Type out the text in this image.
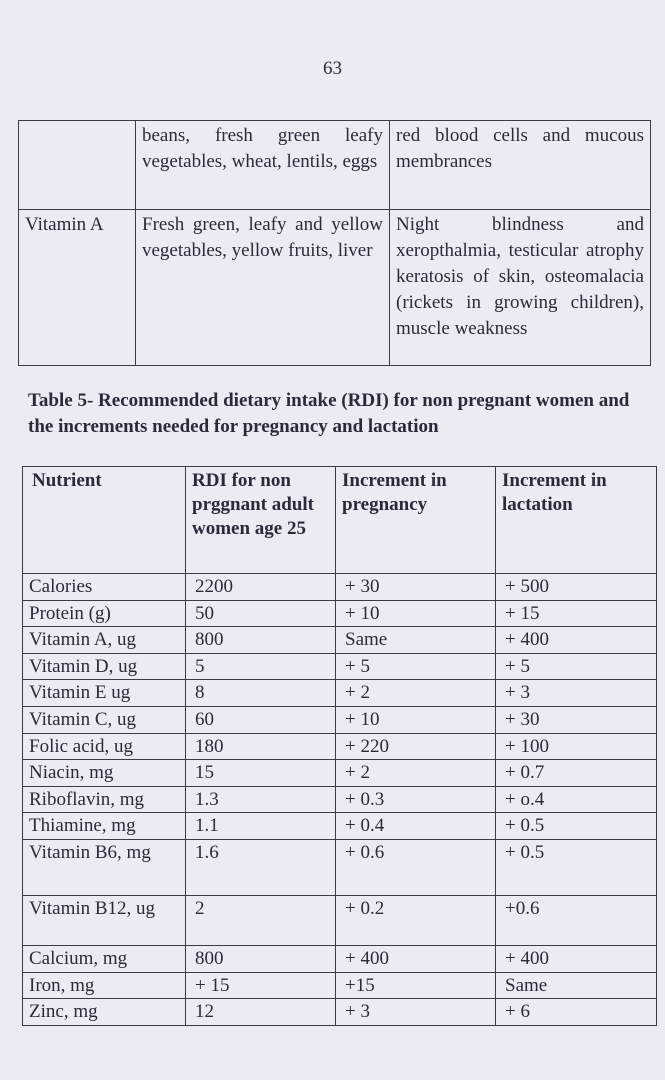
63
	beans, fresh green leafy vegetables, wheat, lentils, eggs	red blood cells and mucous membrances
Vitamin A	Fresh green, leafy and yellow vegetables, yellow fruits, liver	Night blindness and xeropthalmia, testicular atrophy keratosis of skin, osteomalacia (rickets in growing children), muscle weakness
Table 5- Recommended dietary intake (RDI) for non pregnant women and the increments needed for pregnancy and lactation
Nutrient	RDI for non prggnant adult women age 25	Increment in pregnancy	Increment in lactation
Calories	2200	+ 30	+ 500
Protein (g)	50	+ 10	+ 15
Vitamin A, ug	800	Same	+ 400
Vitamin D, ug	5	+ 5	+ 5
Vitamin E ug	8	+ 2	+ 3
Vitamin C, ug	60	+ 10	+ 30
Folic acid, ug	180	+ 220	+ 100
Niacin, mg	15	+ 2	+ 0.7
Riboflavin, mg	1.3	+ 0.3	+ o.4
Thiamine, mg	1.1	+ 0.4	+ 0.5
Vitamin B6, mg	1.6	+ 0.6	+ 0.5
Vitamin B12, ug	2	+ 0.2	+0.6
Calcium, mg	800	+ 400	+ 400
Iron, mg	+ 15	+15	Same
Zinc, mg	12	+ 3	+ 6
